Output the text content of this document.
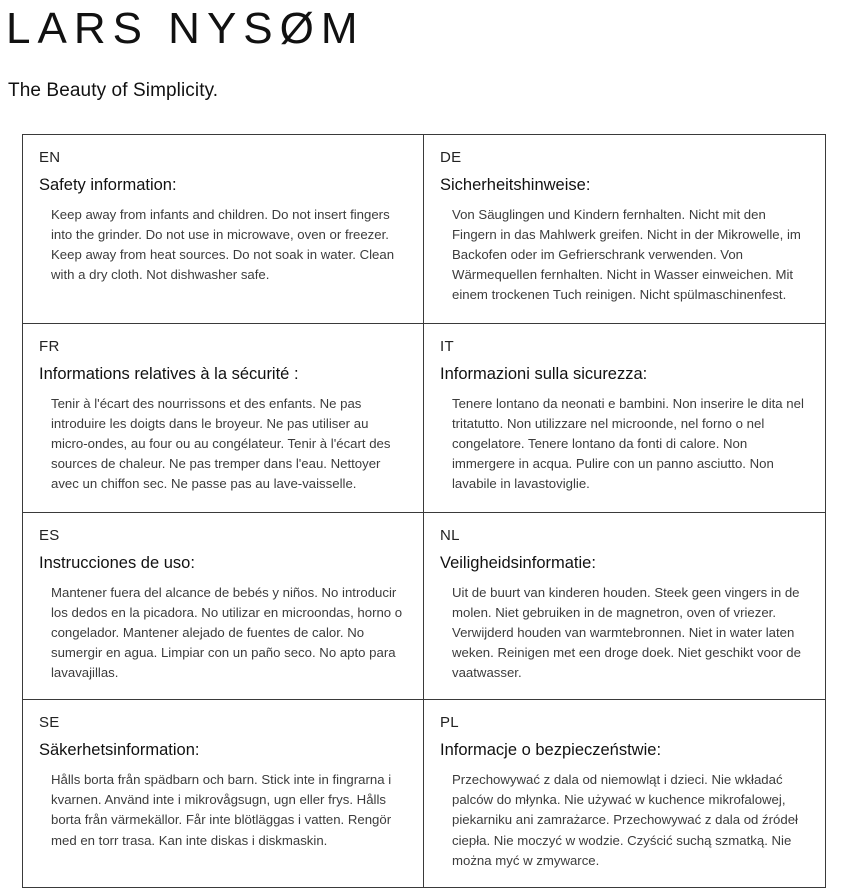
LARS NYSØM
The Beauty of Simplicity.
EN
Safety information:

Keep away from infants and children. Do not insert fingers into the grinder. Do not use in microwave, oven or freezer. Keep away from heat sources. Do not soak in water. Clean with a dry cloth. Not dishwasher safe.

DE
Sicherheitshinweise:

Von Säuglingen und Kindern fernhalten. Nicht mit den Fingern in das Mahlwerk greifen. Nicht in der Mikrowelle, im Backofen oder im Gefrierschrank verwenden. Von Wärmequellen fernhalten. Nicht in Wasser einweichen. Mit einem trockenen Tuch reinigen. Nicht spülmaschinenfest.

FR
Informations relatives à la sécurité :

Tenir à l'écart des nourrissons et des enfants. Ne pas introduire les doigts dans le broyeur. Ne pas utiliser au micro-ondes, au four ou au congélateur. Tenir à l'écart des sources de chaleur. Ne pas tremper dans l'eau. Nettoyer avec un chiffon sec. Ne passe pas au lave-vaisselle.

IT
Informazioni sulla sicurezza:

Tenere lontano da neonati e bambini. Non inserire le dita nel tritatutto. Non utilizzare nel microonde, nel forno o nel congelatore. Tenere lontano da fonti di calore. Non immergere in acqua. Pulire con un panno asciutto. Non lavabile in lavastoviglie.

ES
Instrucciones de uso:

Mantener fuera del alcance de bebés y niños. No introducir los dedos en la picadora. No utilizar en microondas, horno o congelador. Mantener alejado de fuentes de calor. No sumergir en agua. Limpiar con un paño seco. No apto para lavavajillas.

NL
Veiligheidsinformatie:

Uit de buurt van kinderen houden. Steek geen vingers in de molen. Niet gebruiken in de magnetron, oven of vriezer. Verwijderd houden van warmtebronnen. Niet in water laten weken. Reinigen met een droge doek. Niet geschikt voor de vaatwasser.

SE
Säkerhetsinformation:

Hålls borta från spädbarn och barn. Stick inte in fingrarna i kvarnen. Använd inte i mikrovågsugn, ugn eller frys. Hålls borta från värmekällor. Får inte blötläggas i vatten. Rengör med en torr trasa. Kan inte diskas i diskmaskin.

PL
Informacje o bezpieczeństwie:

Przechowywać z dala od niemowląt i dzieci. Nie wkładać palców do młynka. Nie używać w kuchence mikrofalowej, piekarniku ani zamrażarce. Przechowywać z dala od źródeł ciepła. Nie moczyć w wodzie. Czyścić suchą szmatką. Nie można myć w zmywarce.
